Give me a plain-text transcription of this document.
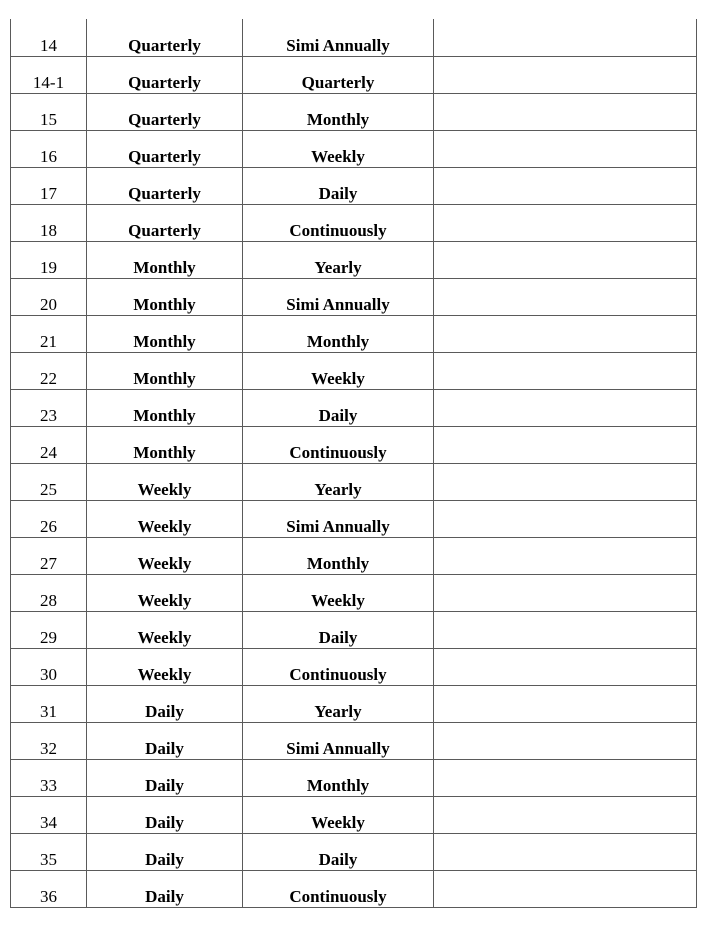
14	Quarterly	Simi Annually	
14-1	Quarterly	Quarterly	
15	Quarterly	Monthly	
16	Quarterly	Weekly	
17	Quarterly	Daily	
18	Quarterly	Continuously	
19	Monthly	Yearly	
20	Monthly	Simi Annually	
21	Monthly	Monthly	
22	Monthly	Weekly	
23	Monthly	Daily	
24	Monthly	Continuously	
25	Weekly	Yearly	
26	Weekly	Simi Annually	
27	Weekly	Monthly	
28	Weekly	Weekly	
29	Weekly	Daily	
30	Weekly	Continuously	
31	Daily	Yearly	
32	Daily	Simi Annually	
33	Daily	Monthly	
34	Daily	Weekly	
35	Daily	Daily	
36	Daily	Continuously	
